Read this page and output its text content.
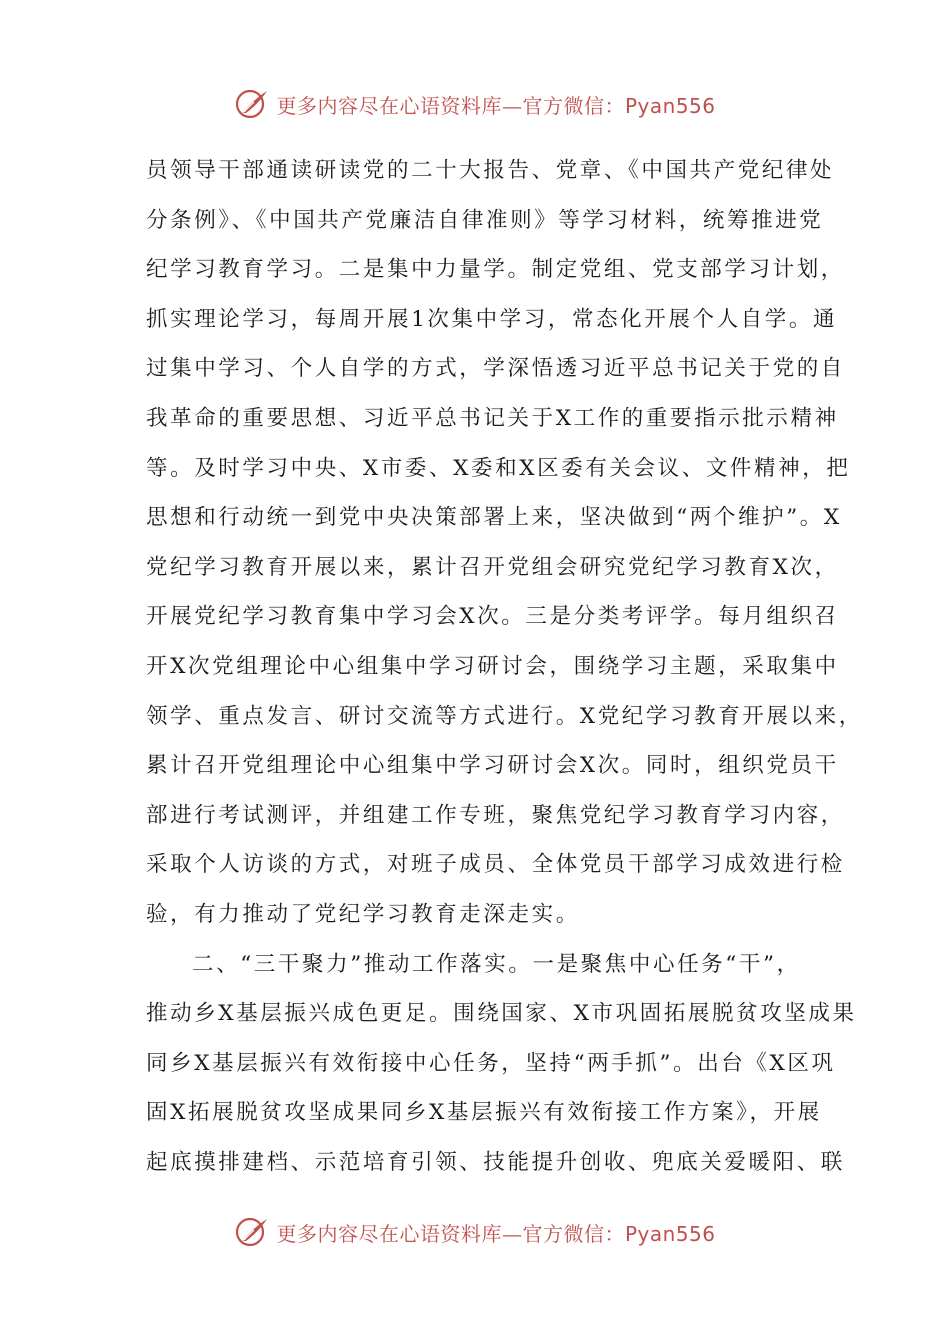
更多内容尽在心语资料库—官方微信：Pyan556
员领导干部通读研读党的二十大报告、党章、《中国共产党纪律处
分条例》、《中国共产党廉洁自律准则》等学习材料，统筹推进党
纪学习教育学习。二是集中力量学。制定党组、党支部学习计划，
抓实理论学习，每周开展1次集中学习，常态化开展个人自学。通
过集中学习、个人自学的方式，学深悟透习近平总书记关于党的自
我革命的重要思想、习近平总书记关于X工作的重要指示批示精神
等。及时学习中央、X市委、X委和X区委有关会议、文件精神，把
思想和行动统一到党中央决策部署上来，坚决做到“两个维护”。X
党纪学习教育开展以来，累计召开党组会研究党纪学习教育X次，
开展党纪学习教育集中学习会X次。三是分类考评学。每月组织召
开X次党组理论中心组集中学习研讨会，围绕学习主题，采取集中
领学、重点发言、研讨交流等方式进行。X党纪学习教育开展以来，
累计召开党组理论中心组集中学习研讨会X次。同时，组织党员干
部进行考试测评，并组建工作专班，聚焦党纪学习教育学习内容，
采取个人访谈的方式，对班子成员、全体党员干部学习成效进行检
验，有力推动了党纪学习教育走深走实。
二、“三干聚力”推动工作落实。一是聚焦中心任务“干”，
推动乡X基层振兴成色更足。围绕国家、X市巩固拓展脱贫攻坚成果
同乡X基层振兴有效衔接中心任务，坚持“两手抓”。出台《X区巩
固X拓展脱贫攻坚成果同乡X基层振兴有效衔接工作方案》，开展
起底摸排建档、示范培育引领、技能提升创收、兜底关爱暖阳、联
更多内容尽在心语资料库—官方微信：Pyan556
